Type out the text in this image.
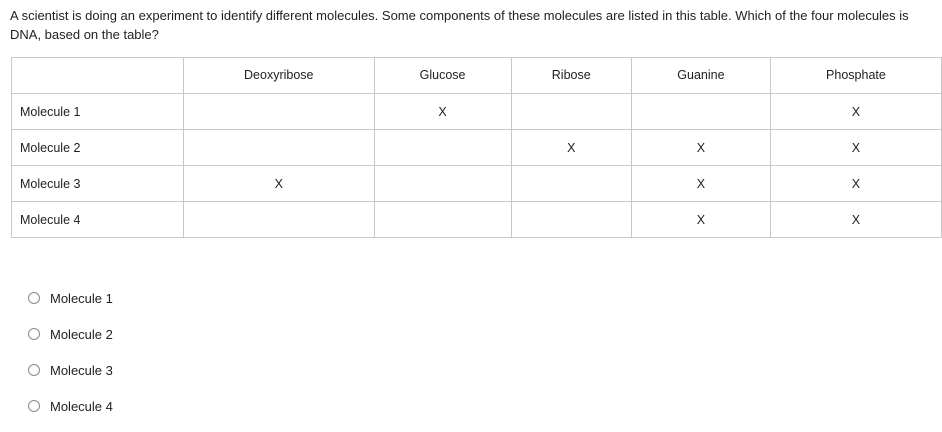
A scientist is doing an experiment to identify different molecules. Some components of these molecules are listed in this table. Which of the four molecules is DNA, based on the table?

	Deoxyribose	Glucose	Ribose	Guanine	Phosphate
Molecule 1		X			X
Molecule 2			X	X	X
Molecule 3	X			X	X
Molecule 4				X	X
Molecule 1
Molecule 2
Molecule 3
Molecule 4
